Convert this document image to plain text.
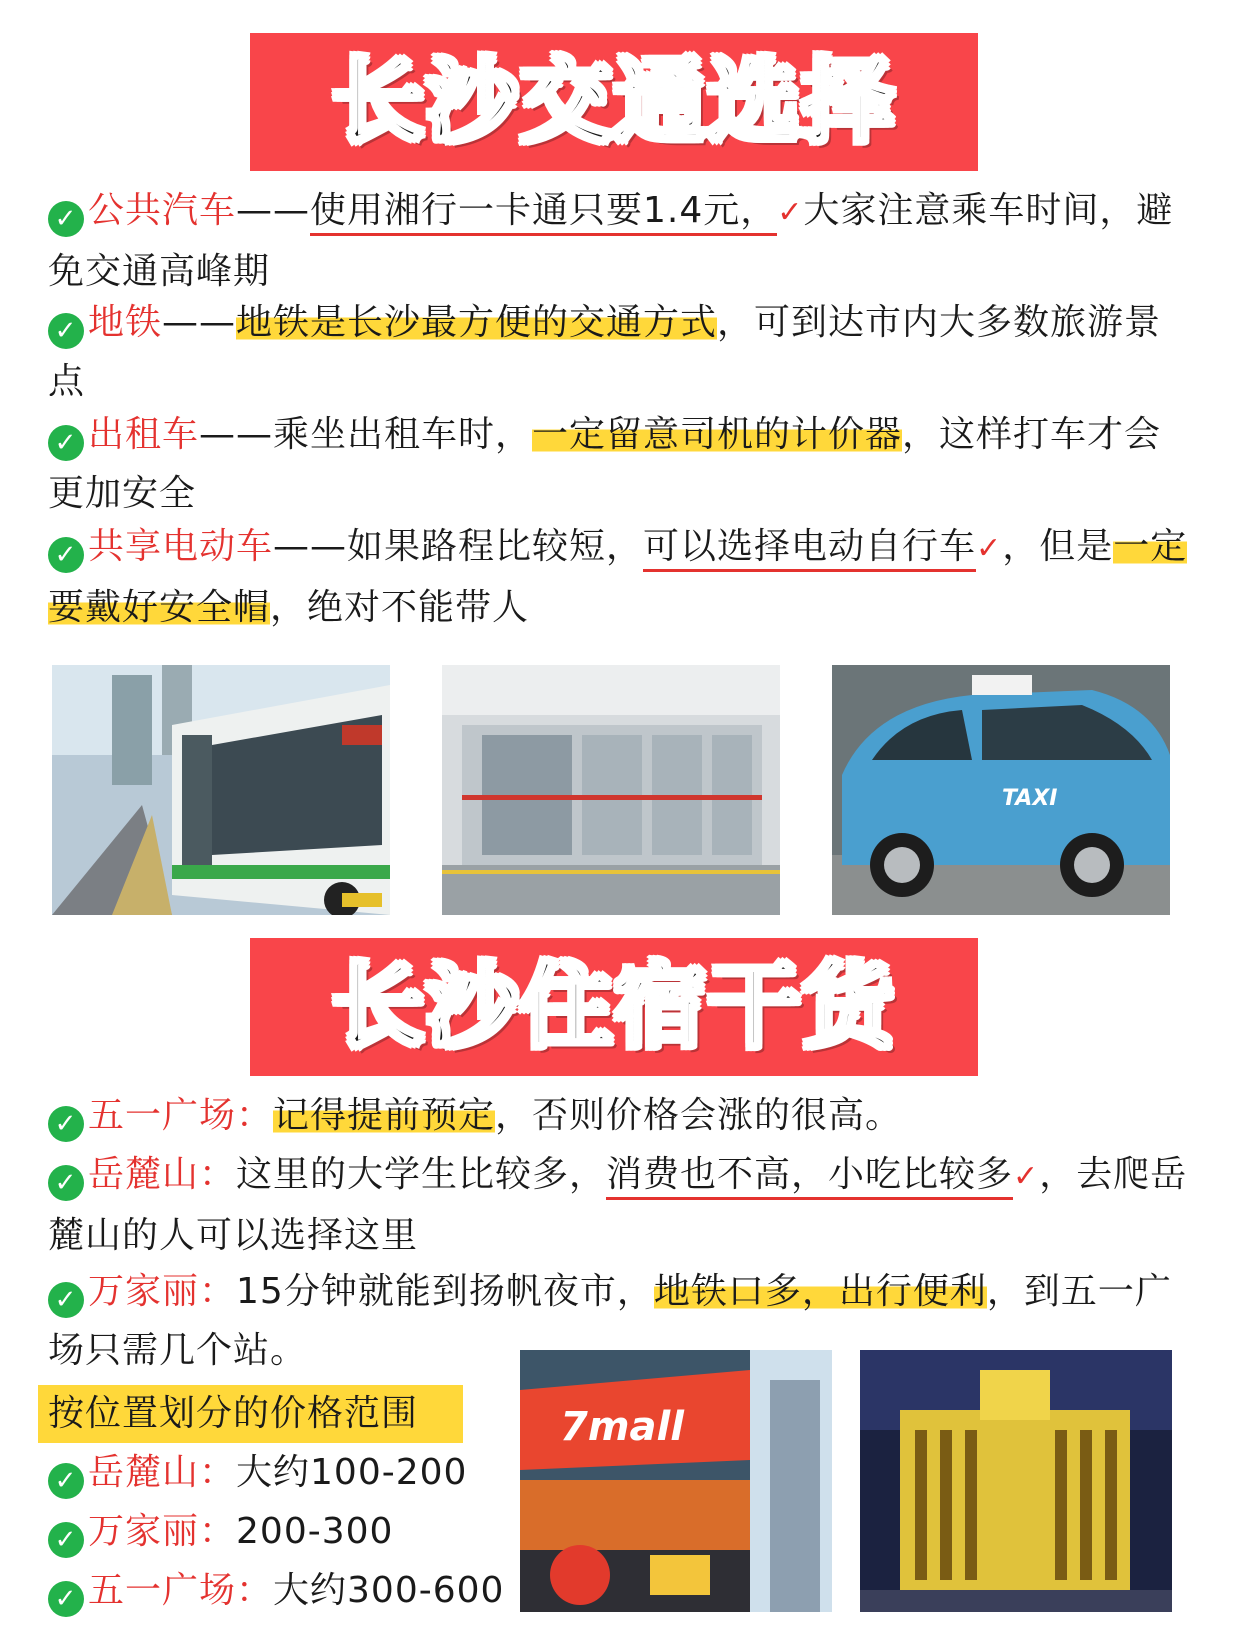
长沙交通选择
✓ 公共汽车——使用湘行一卡通只要1.4元，✓大家注意乘车时间，避免交通高峰期
✓ 地铁——地铁是长沙最方便的交通方式，可到达市内大多数旅游景点
✓ 出租车——乘坐出租车时，一定留意司机的计价器，这样打车才会更加安全
✓ 共享电动车——如果路程比较短，可以选择电动自行车✓，但是一定要戴好安全帽，绝对不能带人
TAXI
长沙住宿干货
✓ 五一广场：记得提前预定，否则价格会涨的很高。
✓ 岳麓山：这里的大学生比较多，消费也不高，小吃比较多✓，去爬岳麓山的人可以选择这里
✓ 万家丽：15分钟就能到扬帆夜市，地铁口多，出行便利，到五一广场只需几个站。
按位置划分的价格范围
✓ 岳麓山：大约100-200
✓ 万家丽：200-300
✓ 五一广场：大约300-600
7mall
